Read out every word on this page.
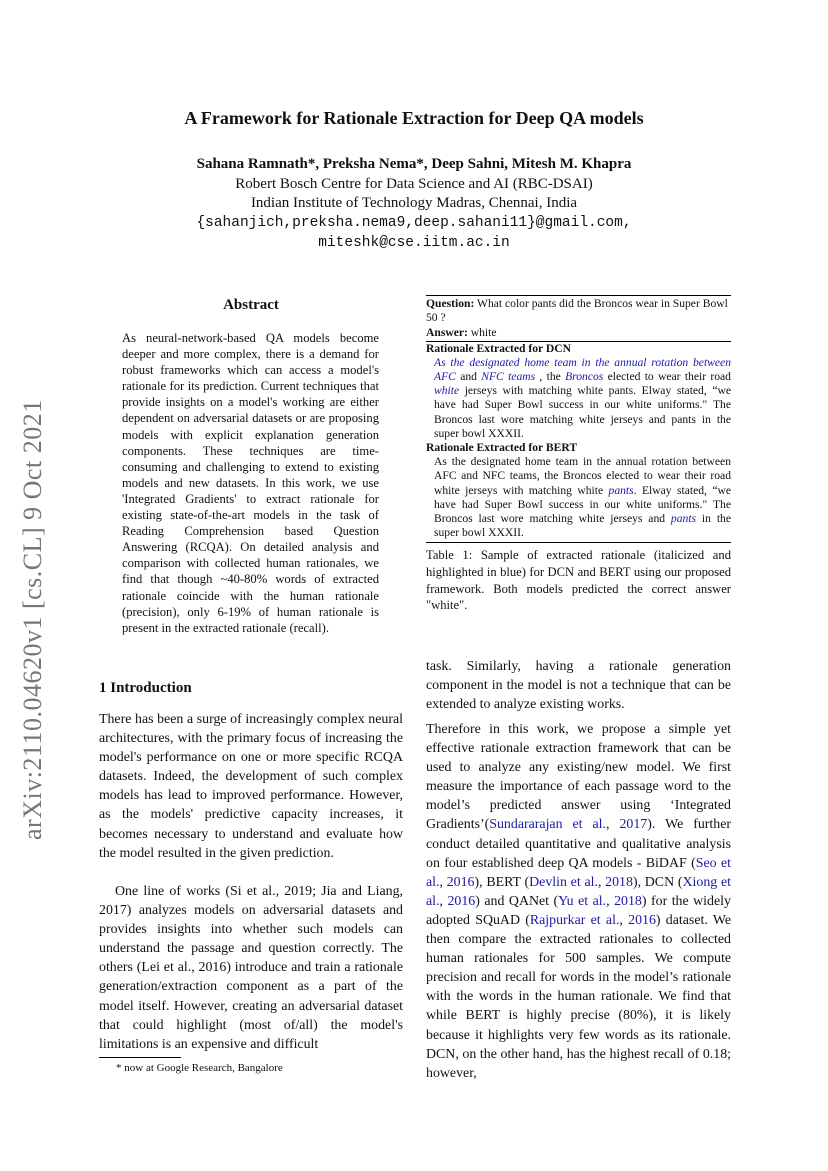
arXiv:2110.04620v1 [cs.CL] 9 Oct 2021
A Framework for Rationale Extraction for Deep QA models
Sahana Ramnath*, Preksha Nema*, Deep Sahni, Mitesh M. Khapra
Robert Bosch Centre for Data Science and AI (RBC-DSAI)
Indian Institute of Technology Madras, Chennai, India
{sahanjich,preksha.nema9,deep.sahani11}@gmail.com,
miteshk@cse.iitm.ac.in
Abstract
As neural-network-based QA models become deeper and more complex, there is a demand for robust frameworks which can access a model's rationale for its prediction. Current techniques that provide insights on a model's working are either dependent on adversarial datasets or are proposing models with explicit explanation generation components. These techniques are time-consuming and challenging to extend to existing models and new datasets. In this work, we use 'Integrated Gradients' to extract rationale for existing state-of-the-art models in the task of Reading Comprehension based Question Answering (RCQA). On detailed analysis and comparison with collected human rationales, we find that though ~40-80% words of extracted rationale coincide with the human rationale (precision), only 6-19% of human rationale is present in the extracted rationale (recall).
1 Introduction
There has been a surge of increasingly complex neural architectures, with the primary focus of increasing the model's performance on one or more specific RCQA datasets. Indeed, the development of such complex models has lead to improved performance. However, as the models' predictive capacity increases, it becomes necessary to understand and evaluate how the model resulted in the given prediction.
One line of works (Si et al., 2019; Jia and Liang, 2017) analyzes models on adversarial datasets and provides insights into whether such models can understand the passage and question correctly. The others (Lei et al., 2016) introduce and train a rationale generation/extraction component as a part of the model itself. However, creating an adversarial dataset that could highlight (most of/all) the model's limitations is an expensive and difficult
Question: What color pants did the Broncos wear in Super Bowl 50 ?
Answer: white
Rationale Extracted for DCN
As the designated home team in the annual rotation between AFC and NFC teams , the Broncos elected to wear their road white jerseys with matching white pants. Elway stated, “we have had Super Bowl success in our white uniforms." The Broncos last wore matching white jerseys and pants in the super bowl XXXII.
Rationale Extracted for BERT
As the designated home team in the annual rotation between AFC and NFC teams, the Broncos elected to wear their road white jerseys with matching white pants. Elway stated, “we have had Super Bowl success in our white uniforms." The Broncos last wore matching white jerseys and pants in the super bowl XXXII.
Table 1: Sample of extracted rationale (italicized and highlighted in blue) for DCN and BERT using our proposed framework. Both models predicted the correct answer "white".
task. Similarly, having a rationale generation component in the model is not a technique that can be extended to analyze existing works.
Therefore in this work, we propose a simple yet effective rationale extraction framework that can be used to analyze any existing/new model. We first measure the importance of each passage word to the model’s predicted answer using ‘Integrated Gradients’(Sundararajan et al., 2017). We further conduct detailed quantitative and qualitative analysis on four established deep QA models - BiDAF (Seo et al., 2016), BERT (Devlin et al., 2018), DCN (Xiong et al., 2016) and QANet (Yu et al., 2018) for the widely adopted SQuAD (Rajpurkar et al., 2016) dataset. We then compare the extracted rationales to collected human rationales for 500 samples. We compute precision and recall for words in the model’s rationale with the words in the human rationale. We find that while BERT is highly precise (80%), it is likely because it highlights very few words as its rationale. DCN, on the other hand, has the highest recall of 0.18; however,
* now at Google Research, Bangalore
